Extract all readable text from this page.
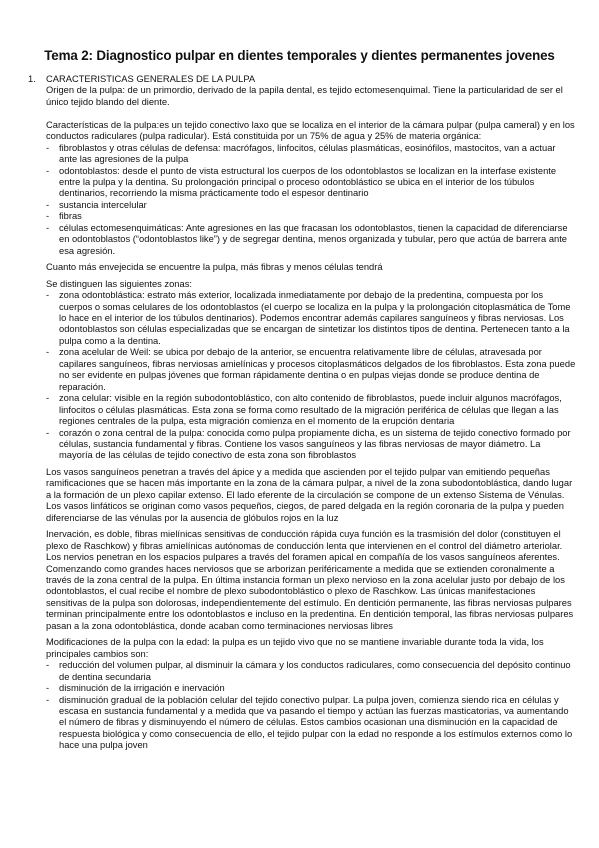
Tema 2: Diagnostico pulpar en dientes temporales y dientes permanentes jovenes
1. CARACTERISTICAS GENERALES DE LA PULPA

Origen de la pulpa: de un primordio, derivado de la papila dental, es tejido ectomesenquimal. Tiene la particularidad de ser el único tejido blando del diente.

Características de la pulpa:es un tejido conectivo laxo que se localiza en el interior de la cámara pulpar (pulpa cameral) y en los conductos radiculares (pulpa radicular). Está constituida por un 75% de agua y 25% de materia orgánica:

- fibroblastos y otras células de defensa: macrófagos, linfocitos, células plasmáticas, eosinófilos, mastocitos, van a actuar ante las agresiones de la pulpa
- odontoblastos: desde el punto de vista estructural los cuerpos de los odontoblastos se localizan en la interfase existente entre la pulpa y la dentina. Su prolongación principal o proceso odontoblástico se ubica en el interior de los túbulos dentinarios, recorriendo la misma prácticamente todo el espesor dentinario
- sustancia intercelular
- fibras
- células ectomesenquimáticas: Ante agresiones en las que fracasan los odontoblastos, tienen la capacidad de diferenciarse en odontoblastos (“odontoblastos like”) y de segregar dentina, menos organizada y tubular, pero que actúa de barrera ante esa agresión.

Cuanto más envejecida se encuentre la pulpa, más fibras y menos células tendrá

Se distinguen las siguientes zonas:

- zona odontoblástica: estrato más exterior, localizada inmediatamente por debajo de la predentina, compuesta por los cuerpos o somas celulares de los odontoblastos (el cuerpo se localiza en la pulpa y la prolongación citoplasmática de Tome lo hace en el interior de los túbulos dentinarios). Podemos encontrar además capilares sanguíneos y fibras nerviosas. Los odontoblastos son células especializadas que se encargan de sintetizar los distintos tipos de dentina. Pertenecen tanto a la pulpa como a la dentina.
- zona acelular de Weil: se ubica por debajo de la anterior, se encuentra relativamente libre de células, atravesada por capilares sanguíneos, fibras nerviosas amielínicas y procesos citoplasmáticos delgados de los fibroblastos. Esta zona puede no ser evidente en pulpas jóvenes que forman rápidamente dentina o en pulpas viejas donde se produce dentina de reparación.
- zona celular: visible en la región subodontoblástico, con alto contenido de fibroblastos, puede incluir algunos macrófagos, linfocitos o células plasmáticas. Esta zona se forma como resultado de la migración periférica de células que llegan a las regiones centrales de la pulpa, esta migración comienza en el momento de la erupción dentaria
- corazón o zona central de la pulpa: conocida como pulpa propiamente dicha, es un sistema de tejido conectivo formado por células, sustancia fundamental y fibras. Contiene los vasos sanguíneos y las fibras nerviosas de mayor diámetro. La mayoría de las células de tejido conectivo de esta zona son fibroblastos

Los vasos sanguíneos penetran a través del ápice y a medida que ascienden por el tejido pulpar van emitiendo pequeñas ramificaciones que se hacen más importante en la zona de la cámara pulpar, a nivel de la zona subodontoblástica, dando lugar a la formación de un plexo capilar extenso. El lado eferente de la circulación se compone de un extenso Sistema de Vénulas. Los vasos linfáticos se originan como vasos pequeños, ciegos, de pared delgada en la región coronaria de la pulpa y pueden diferenciarse de las vénulas por la ausencia de glóbulos rojos en la luz

Inervación, es doble, fibras mielínicas sensitivas de conducción rápida cuya función es la trasmisión del dolor (constituyen el plexo de Raschkow) y fibras amielínicas autónomas de conducción lenta que intervienen en el control del diámetro arteriolar. Los nervios penetran en los espacios pulpares a través del foramen apical en compañía de los vasos sanguíneos aferentes. Comenzando como grandes haces nerviosos que se arborizan periféricamente a medida que se extienden coronalmente a través de la zona central de la pulpa. En última instancia forman un plexo nervioso en la zona acelular justo por debajo de los odontoblastos, el cual recibe el nombre de plexo subodontoblástico o plexo de Raschkow. Las únicas manifestaciones sensitivas de la pulpa son dolorosas, independientemente del estímulo. En dentición permanente, las fibras nerviosas pulpares terminan principalmente entre los odontoblastos e incluso en la predentina. En dentición temporal, las fibras nerviosas pulpares pasan a la zona odontoblástica, donde acaban como terminaciones nerviosas libres

Modificaciones de la pulpa con la edad: la pulpa es un tejido vivo que no se mantiene invariable durante toda la vida, los principales cambios son:

- reducción del volumen pulpar, al disminuir la cámara y los conductos radiculares, como consecuencia del depósito continuo de dentina secundaria
- disminución de la irrigación e inervación
- disminución gradual de la población celular del tejido conectivo pulpar. La pulpa joven, comienza siendo rica en células y escasa en sustancia fundamental y a medida que va pasando el tiempo y actúan las fuerzas masticatorias, va aumentando el número de fibras y disminuyendo el número de células. Estos cambios ocasionan una disminución en la capacidad de respuesta biológica y como consecuencia de ello, el tejido pulpar con la edad no responde a los estímulos externos como lo hace una pulpa joven
